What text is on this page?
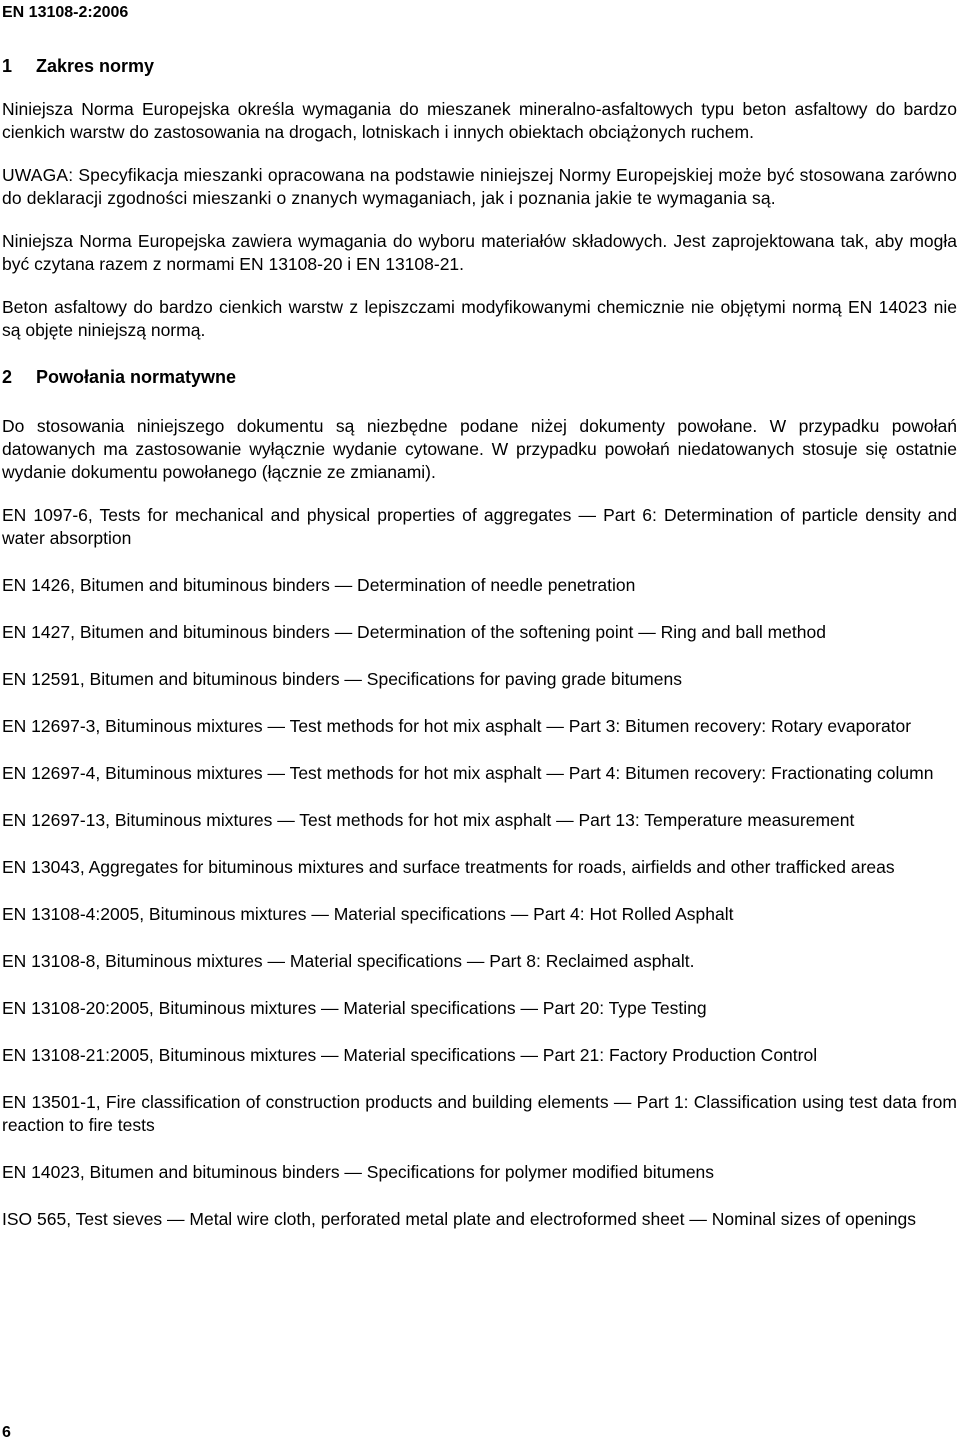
EN 13108-2:2006
1 Zakres normy

Niniejsza Norma Europejska określa wymagania do mieszanek mineralno-asfaltowych typu beton asfaltowy do bardzo cienkich warstw do zastosowania na drogach, lotniskach i innych obiektach obciążonych ruchem.

UWAGA: Specyfikacja mieszanki opracowana na podstawie niniejszej Normy Europejskiej może być stosowana zarówno do deklaracji zgodności mieszanki o znanych wymaganiach, jak i poznania jakie te wymagania są.

Niniejsza Norma Europejska zawiera wymagania do wyboru materiałów składowych. Jest zaprojektowana tak, aby mogła być czytana razem z normami EN 13108-20 i EN 13108-21.

Beton asfaltowy do bardzo cienkich warstw z lepiszczami modyfikowanymi chemicznie nie objętymi normą EN 14023 nie są objęte niniejszą normą.

2 Powołania normatywne

Do stosowania niniejszego dokumentu są niezbędne podane niżej dokumenty powołane. W przypadku powołań datowanych ma zastosowanie wyłącznie wydanie cytowane. W przypadku powołań niedatowanych stosuje się ostatnie wydanie dokumentu powołanego (łącznie ze zmianami).

EN 1097-6, Tests for mechanical and physical properties of aggregates — Part 6: Determination of particle density and water absorption

EN 1426, Bitumen and bituminous binders — Determination of needle penetration

EN 1427, Bitumen and bituminous binders — Determination of the softening point — Ring and ball method

EN 12591, Bitumen and bituminous binders — Specifications for paving grade bitumens

EN 12697-3, Bituminous mixtures — Test methods for hot mix asphalt — Part 3: Bitumen recovery: Rotary evaporator

EN 12697-4, Bituminous mixtures — Test methods for hot mix asphalt — Part 4: Bitumen recovery: Fractionating column

EN 12697-13, Bituminous mixtures — Test methods for hot mix asphalt — Part 13: Temperature measurement

EN 13043, Aggregates for bituminous mixtures and surface treatments for roads, airfields and other trafficked areas

EN 13108-4:2005, Bituminous mixtures — Material specifications — Part 4: Hot Rolled Asphalt

EN 13108-8, Bituminous mixtures — Material specifications — Part 8: Reclaimed asphalt.

EN 13108-20:2005, Bituminous mixtures — Material specifications — Part 20: Type Testing

EN 13108-21:2005, Bituminous mixtures — Material specifications — Part 21: Factory Production Control

EN 13501-1, Fire classification of construction products and building elements — Part 1: Classification using test data from reaction to fire tests

EN 14023, Bitumen and bituminous binders — Specifications for polymer modified bitumens

ISO 565, Test sieves — Metal wire cloth, perforated metal plate and electroformed sheet — Nominal sizes of openings

6
